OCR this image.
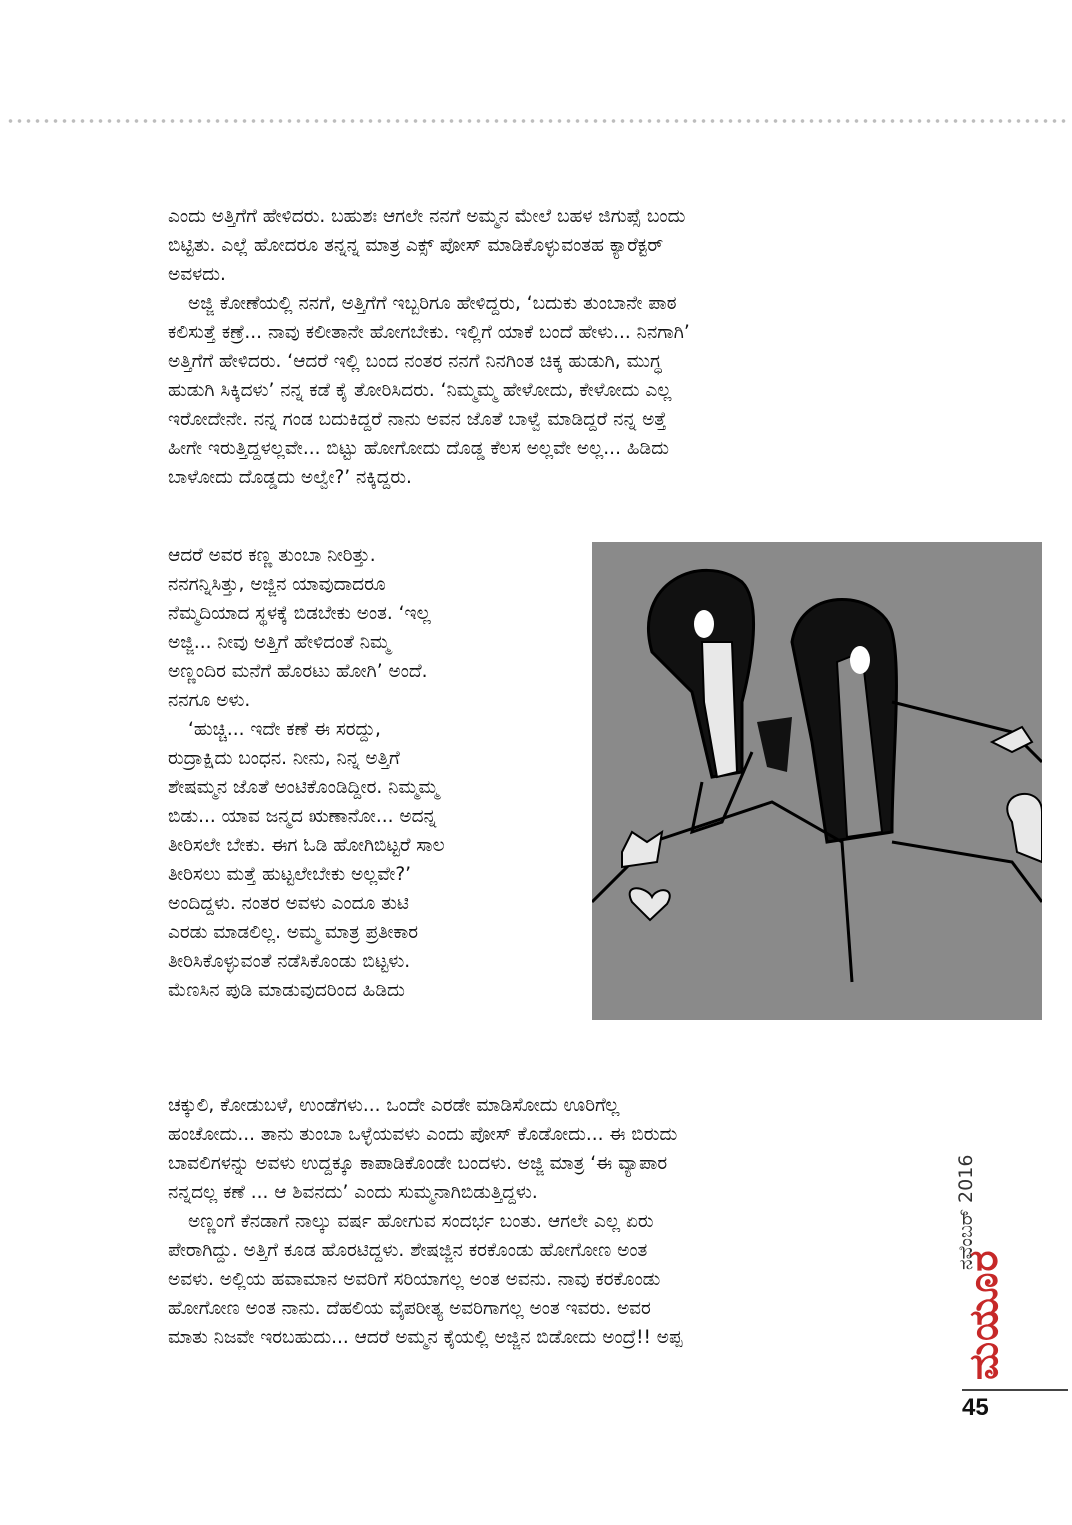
ಎಂದು ಅತ್ತಿಗೆಗೆ ಹೇಳಿದರು. ಬಹುಶಃ ಆಗಲೇ ನನಗೆ ಅಮ್ಮನ ಮೇಲೆ ಬಹಳ ಜಿಗುಪ್ಸೆ ಬಂದು
ಬಿಟ್ಟಿತು. ಎಲ್ಲೆ ಹೋದರೂ ತನ್ನನ್ನ ಮಾತ್ರ ಎಕ್ಸ್ ಪೋಸ್ ಮಾಡಿಕೊಳ್ಳುವಂತಹ ಕ್ಯಾರೆಕ್ಟರ್
ಅವಳದು.
ಅಜ್ಜಿ ಕೋಣೆಯಲ್ಲಿ ನನಗೆ, ಅತ್ತಿಗೆಗೆ ಇಬ್ಬರಿಗೂ ಹೇಳಿದ್ದರು, ‘ಬದುಕು ತುಂಬಾನೇ ಪಾಠ
ಕಲಿಸುತ್ತೆ ಕಣ್ರೆ... ನಾವು ಕಲೀತಾನೇ ಹೋಗಬೇಕು. ಇಲ್ಲಿಗೆ ಯಾಕೆ ಬಂದೆ ಹೇಳು... ನಿನಗಾಗಿ’
ಅತ್ತಿಗೆಗೆ ಹೇಳಿದರು. ‘ಆದರೆ ಇಲ್ಲಿ ಬಂದ ನಂತರ ನನಗೆ ನಿನಗಿಂತ ಚಿಕ್ಕ ಹುಡುಗಿ, ಮುಗ್ಧ
ಹುಡುಗಿ ಸಿಕ್ಕಿದಳು’ ನನ್ನ ಕಡೆ ಕೈ ತೋರಿಸಿದರು. ‘ನಿಮ್ಮಮ್ಮ ಹೇಳೋದು, ಕೇಳೋದು ಎಲ್ಲ
ಇರೋದೇನೇ. ನನ್ನ ಗಂಡ ಬದುಕಿದ್ದರೆ ನಾನು ಅವನ ಜೊತೆ ಬಾಳ್ವೆ ಮಾಡಿದ್ದರೆ ನನ್ನ ಅತ್ತೆ
ಹೀಗೇ ಇರುತ್ತಿದ್ದಳಲ್ಲವೇ... ಬಿಟ್ಟು ಹೋಗೋದು ದೊಡ್ಡ ಕೆಲಸ ಅಲ್ಲವೇ ಅಲ್ಲ... ಹಿಡಿದು
ಬಾಳೋದು ದೊಡ್ಡದು ಅಲ್ವೇ?’ ನಕ್ಕಿದ್ದರು.
ಆದರೆ ಅವರ ಕಣ್ಣ ತುಂಬಾ ನೀರಿತ್ತು.
ನನಗನ್ನಿಸಿತ್ತು, ಅಜ್ಜಿನ ಯಾವುದಾದರೂ
ನೆಮ್ಮದಿಯಾದ ಸ್ಥಳಕ್ಕೆ ಬಿಡಬೇಕು ಅಂತ. ‘ಇಲ್ಲ
ಅಜ್ಜಿ... ನೀವು ಅತ್ತಿಗೆ ಹೇಳಿದಂತೆ ನಿಮ್ಮ
ಅಣ್ಣಂದಿರ ಮನೆಗೆ ಹೊರಟು ಹೋಗಿ’ ಅಂದೆ.
ನನಗೂ ಅಳು.
‘ಹುಚ್ಚಿ... ಇದೇ ಕಣೆ ಈ ಸರದ್ದು,
ರುದ್ರಾಕ್ಷಿದು ಬಂಧನ. ನೀನು, ನಿನ್ನ ಅತ್ತಿಗೆ
ಶೇಷಮ್ಮನ ಜೊತೆ ಅಂಟಿಕೊಂಡಿದ್ದೀರ. ನಿಮ್ಮಮ್ಮ
ಬಿಡು... ಯಾವ ಜನ್ಮದ ಋಣಾನೋ... ಅದನ್ನ
ತೀರಿಸಲೇ ಬೇಕು. ಈಗ ಓಡಿ ಹೋಗಿಬಿಟ್ಟರೆ ಸಾಲ
ತೀರಿಸಲು ಮತ್ತೆ ಹುಟ್ಟಲೇಬೇಕು ಅಲ್ಲವೇ?’
ಅಂದಿದ್ದಳು. ನಂತರ ಅವಳು ಎಂದೂ ತುಟಿ
ಎರಡು ಮಾಡಲಿಲ್ಲ. ಅಮ್ಮ ಮಾತ್ರ ಪ್ರತೀಕಾರ
ತೀರಿಸಿಕೊಳ್ಳುವಂತೆ ನಡೆಸಿಕೊಂಡು ಬಿಟ್ಟಳು.
ಮೆಣಸಿನ ಪುಡಿ ಮಾಡುವುದರಿಂದ ಹಿಡಿದು
ಚಕ್ಕುಲಿ, ಕೋಡುಬಳೆ, ಉಂಡೆಗಳು... ಒಂದೇ ಎರಡೇ ಮಾಡಿಸೋದು ಊರಿಗೆಲ್ಲ
ಹಂಚೋದು... ತಾನು ತುಂಬಾ ಒಳ್ಳೆಯವಳು ಎಂದು ಪೋಸ್ ಕೊಡೋದು... ಈ ಬಿರುದು
ಬಾವಲಿಗಳನ್ನು ಅವಳು ಉದ್ದಕ್ಕೂ ಕಾಪಾಡಿಕೊಂಡೇ ಬಂದಳು. ಅಜ್ಜಿ ಮಾತ್ರ ‘ಈ ವ್ಯಾಪಾರ
ನನ್ನದಲ್ಲ ಕಣೆ ... ಆ ಶಿವನದು’ ಎಂದು ಸುಮ್ಮನಾಗಿಬಿಡುತ್ತಿದ್ದಳು.
ಅಣ್ಣಂಗೆ ಕೆನಡಾಗೆ ನಾಲ್ಕು ವರ್ಷ ಹೋಗುವ ಸಂದರ್ಭ ಬಂತು. ಆಗಲೇ ಎಲ್ಲ ಏರು
ಪೇರಾಗಿದ್ದು. ಅತ್ತಿಗೆ ಕೂಡ ಹೊರಟಿದ್ದಳು. ಶೇಷಜ್ಜಿನ ಕರಕೊಂಡು ಹೋಗೋಣ ಅಂತ
ಅವಳು. ಅಲ್ಲಿಯ ಹವಾಮಾನ ಅವರಿಗೆ ಸರಿಯಾಗಲ್ಲ ಅಂತ ಅವನು. ನಾವು ಕರಕೊಂಡು
ಹೋಗೋಣ ಅಂತ ನಾನು. ದೆಹಲಿಯ ವೈಪರೀತ್ಯ ಅವರಿಗಾಗಲ್ಲ ಅಂತ ಇವರು. ಅವರ
ಮಾತು ನಿಜವೇ ಇರಬಹುದು... ಆದರೆ ಅಮ್ಮನ ಕೈಯಲ್ಲಿ ಅಜ್ಜಿನ ಬಿಡೋದು ಅಂದ್ರೆ!! ಅಪ್ಪ
ನವೆಂಬರ್ 2016
ಮಯೂರ
45
